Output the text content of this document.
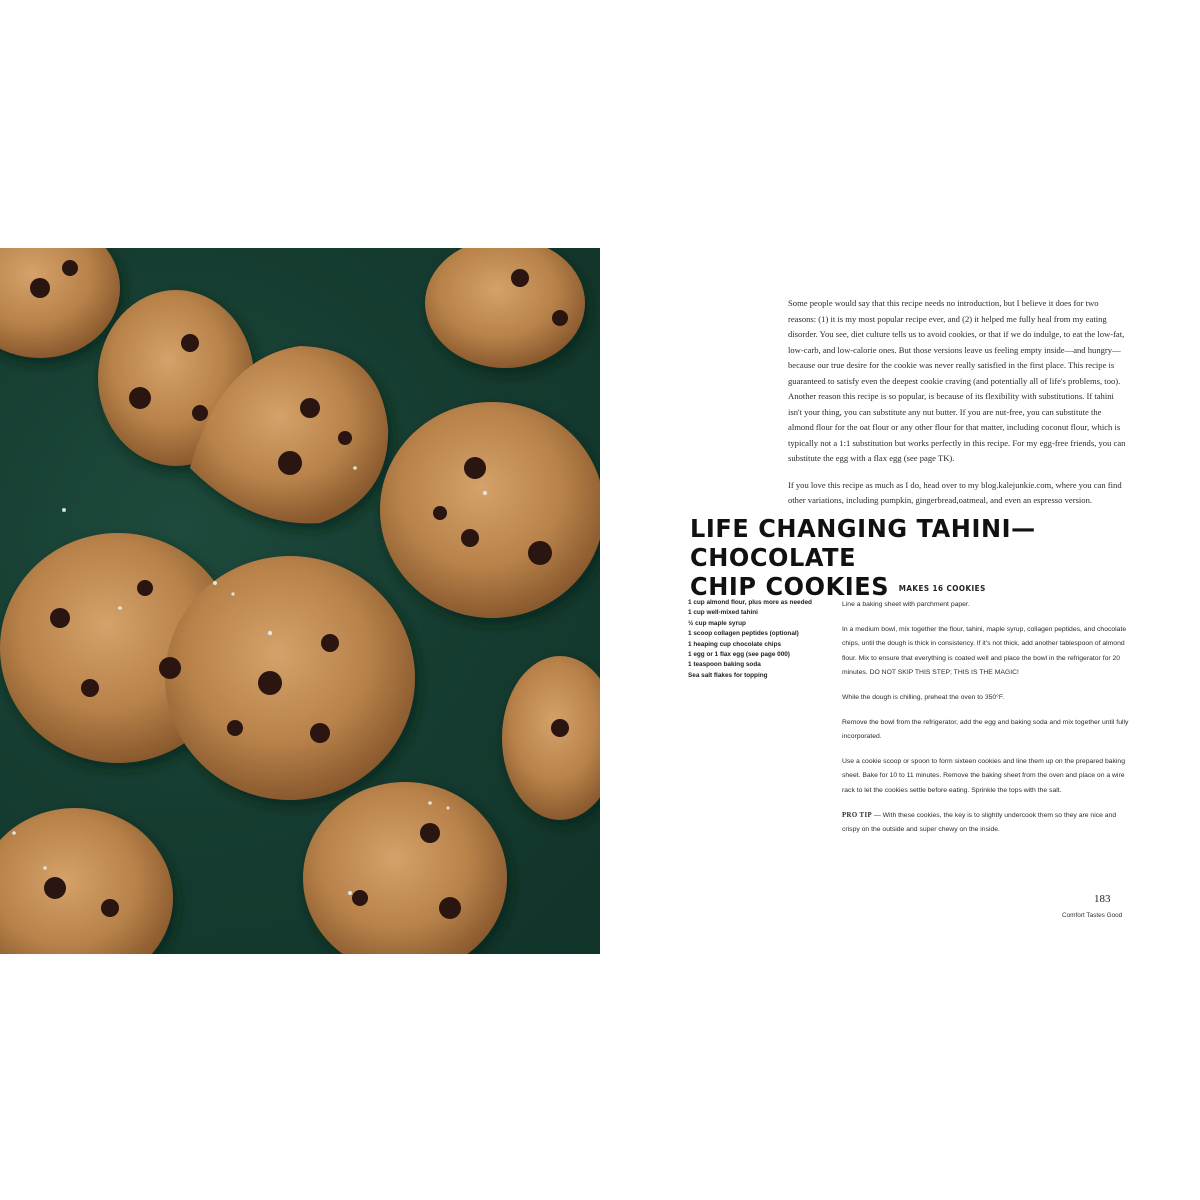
Some people would say that this recipe needs no introduction, but I believe it does for two reasons: (1) it is my most popular recipe ever, and (2) it helped me fully heal from my eating disorder. You see, diet culture tells us to avoid cookies, or that if we do indulge, to eat the low-fat, low-carb, and low-calorie ones. But those versions leave us feeling empty inside—and hungry—because our true desire for the cookie was never really satisfied in the first place. This recipe is guaranteed to satisfy even the deepest cookie craving (and potentially all of life's problems, too). Another reason this recipe is so popular, is because of its flexibility with substitutions. If tahini isn't your thing, you can substitute any nut butter. If you are nut-free, you can substitute the almond flour for the oat flour or any other flour for that matter, including coconut flour, which is typically not a 1:1 substitution but works perfectly in this recipe. For my egg-free friends, you can substitute the egg with a flax egg (see page TK).

If you love this recipe as much as I do, head over to my blog.kalejunkie.com, where you can find other variations, including pumpkin, gingerbread,oatmeal, and even an espresso version.

LIFE CHANGING TAHINI—CHOCOLATE
CHIP COOKIES MAKES 16 COOKIES
1 cup almond flour, plus more as needed
1 cup well-mixed tahini
½ cup maple syrup
1 scoop collagen peptides (optional)
1 heaping cup chocolate chips
1 egg or 1 flax egg (see page 000)
1 teaspoon baking soda
Sea salt flakes for topping

Line a baking sheet with parchment paper.

In a medium bowl, mix together the flour, tahini, maple syrup, collagen peptides, and chocolate chips, until the dough is thick in consistency. If it's not thick, add another tablespoon of almond flour. Mix to ensure that everything is coated well and place the bowl in the refrigerator for 20 minutes. DO NOT SKIP THIS STEP; THIS IS THE MAGIC!

While the dough is chilling, preheat the oven to 350°F.

Remove the bowl from the refrigerator, add the egg and baking soda and mix together until fully incorporated.

Use a cookie scoop or spoon to form sixteen cookies and line them up on the prepared baking sheet. Bake for 10 to 11 minutes. Remove the baking sheet from the oven and place on a wire rack to let the cookies settle before eating. Sprinkle the tops with the salt.

PRO TIP — With these cookies, the key is to slightly undercook them so they are nice and crispy on the outside and super chewy on the inside.

183
Comfort Tastes Good
